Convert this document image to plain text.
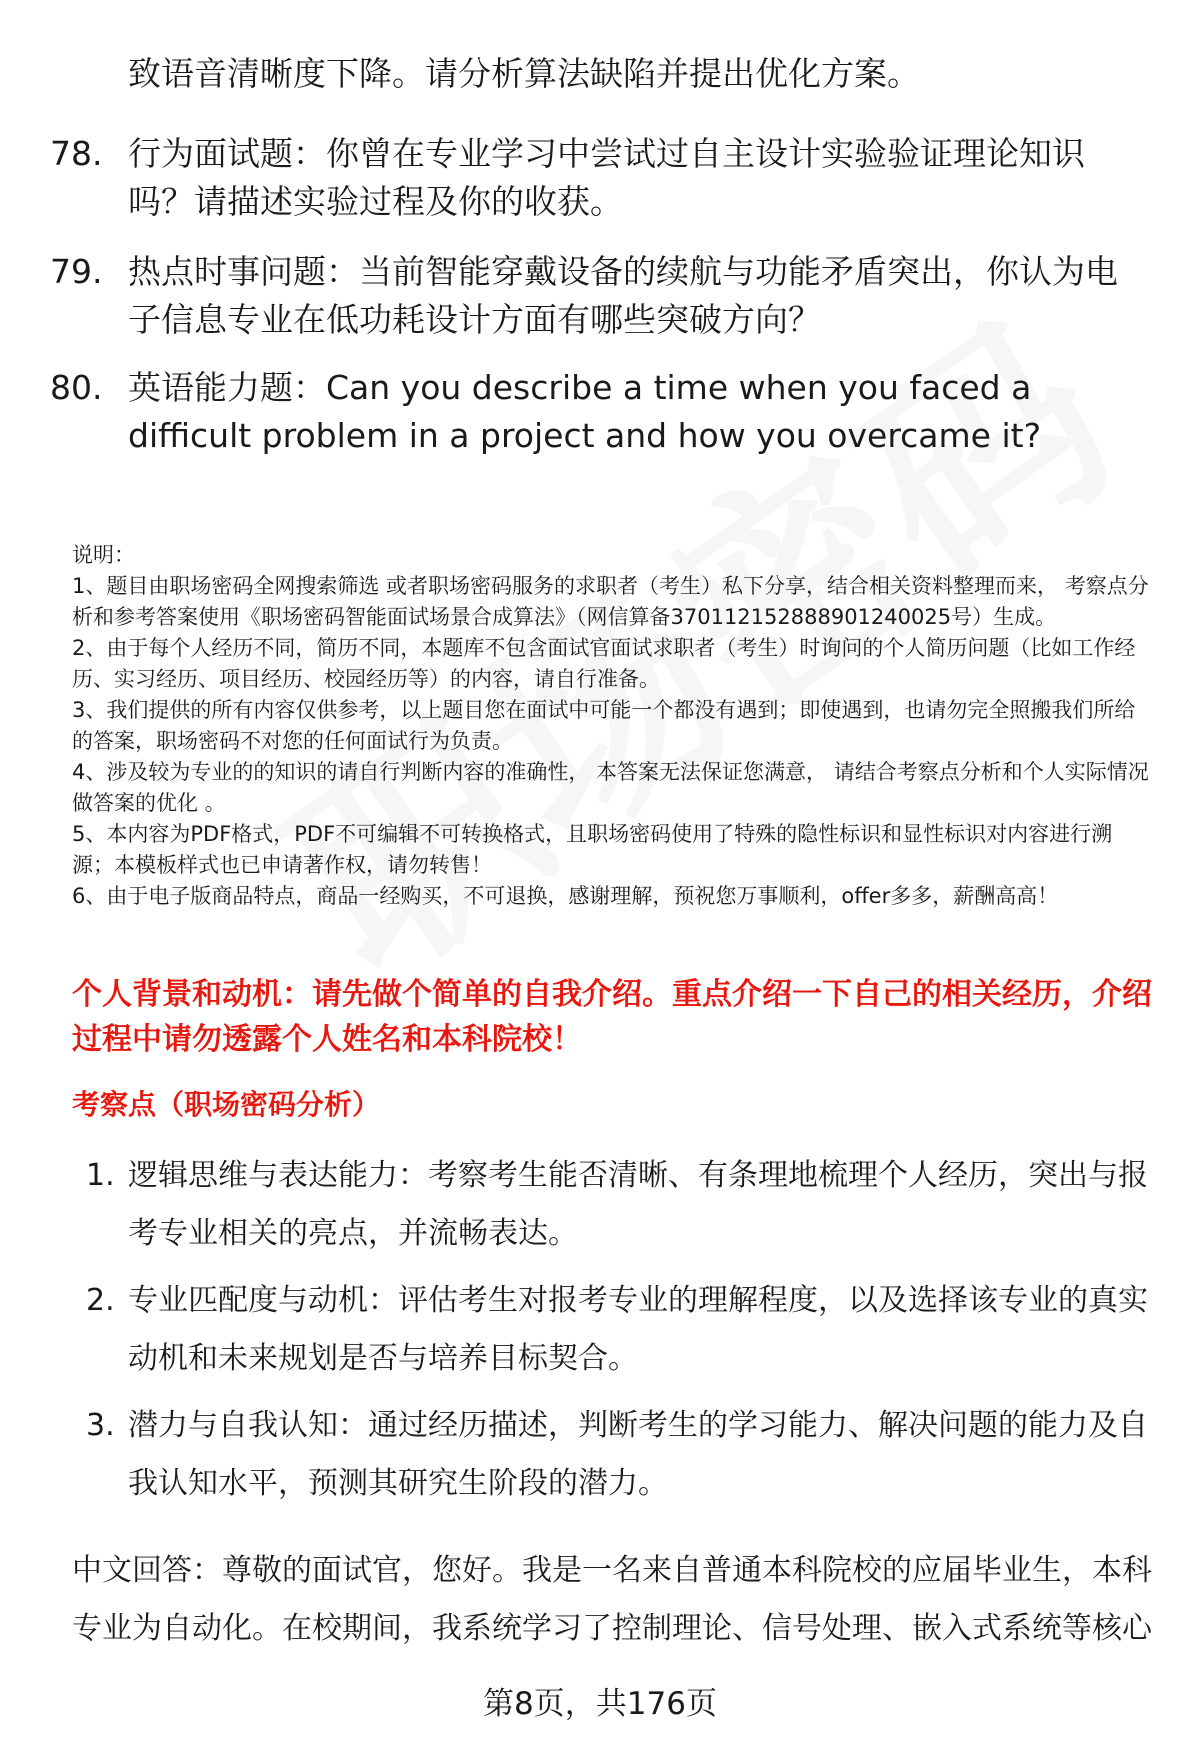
致语音清晰度下降。请分析算法缺陷并提出优化方案。
78. 行为面试题：你曾在专业学习中尝试过自主设计实验验证理论知识吗？请描述实验过程及你的收获。
79. 热点时事问题：当前智能穿戴设备的续航与功能矛盾突出，你认为电子信息专业在低功耗设计方面有哪些突破方向？
80. 英语能力题：Can you describe a time when you faced a difficult problem in a project and how you overcame it?

说明：

1、题目由职场密码全网搜索筛选 或者职场密码服务的求职者（考生）私下分享，结合相关资料整理而来， 考察点分析和参考答案使用《职场密码智能面试场景合成算法》（网信算备370112152888901240025号）生成。

2、由于每个人经历不同，简历不同，本题库不包含面试官面试求职者（考生）时询问的个人简历问题（比如工作经历、实习经历、项目经历、校园经历等）的内容，请自行准备。

3、我们提供的所有内容仅供参考，以上题目您在面试中可能一个都没有遇到；即使遇到，也请勿完全照搬我们所给的答案，职场密码不对您的任何面试行为负责。

4、涉及较为专业的的知识的请自行判断内容的准确性， 本答案无法保证您满意， 请结合考察点分析和个人实际情况做答案的优化 。

5、本内容为PDF格式，PDF不可编辑不可转换格式，且职场密码使用了特殊的隐性标识和显性标识对内容进行溯源；本模板样式也已申请著作权，请勿转售！

6、由于电子版商品特点，商品一经购买，不可退换，感谢理解，预祝您万事顺利，offer多多，薪酬高高！

个人背景和动机：请先做个简单的自我介绍。重点介绍一下自己的相关经历，介绍过程中请勿透露个人姓名和本科院校！
考察点（职场密码分析）
1. 逻辑思维与表达能力：考察考生能否清晰、有条理地梳理个人经历，突出与报考专业相关的亮点，并流畅表达。
2. 专业匹配度与动机：评估考生对报考专业的理解程度，以及选择该专业的真实动机和未来规划是否与培养目标契合。
3. 潜力与自我认知：通过经历描述，判断考生的学习能力、解决问题的能力及自我认知水平，预测其研究生阶段的潜力。
中文回答：尊敬的面试官，您好。我是一名来自普通本科院校的应届毕业生，本科专业为自动化。在校期间，我系统学习了控制理论、信号处理、嵌入式系统等核心
第8页，共176页
